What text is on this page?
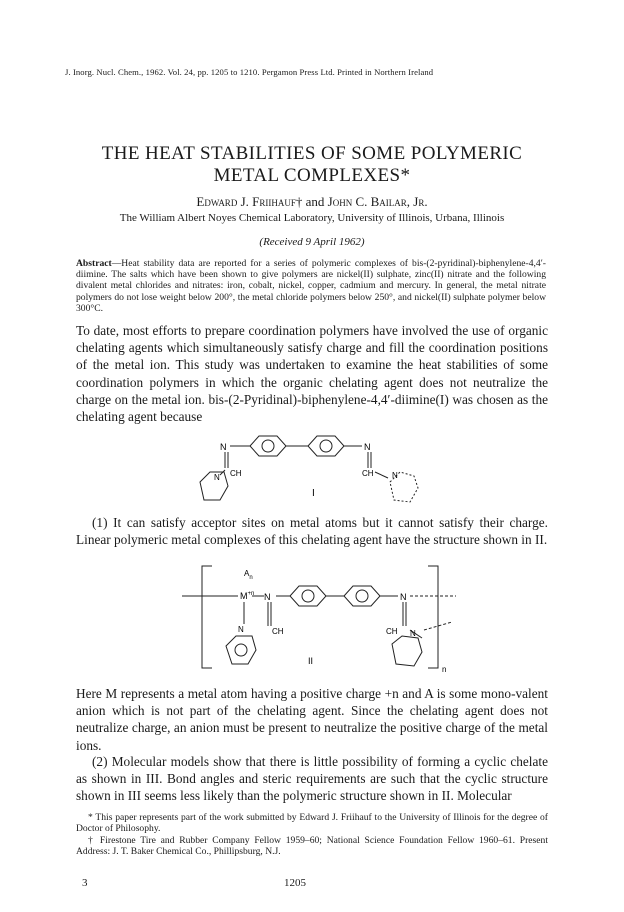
J. Inorg. Nucl. Chem., 1962. Vol. 24, pp. 1205 to 1210. Pergamon Press Ltd. Printed in Northern Ireland
THE HEAT STABILITIES OF SOME POLYMERIC
METAL COMPLEXES*
Edward J. Friihauf† and John C. Bailar, Jr.
The William Albert Noyes Chemical Laboratory, University of Illinois, Urbana, Illinois
(Received 9 April 1962)
Abstract—Heat stability data are reported for a series of polymeric complexes of bis-(2-pyridinal)-biphenylene-4,4′-diimine. The salts which have been shown to give polymers are nickel(II) sulphate, zinc(II) nitrate and the following divalent metal chlorides and nitrates: iron, cobalt, nickel, copper, cadmium and mercury. In general, the metal nitrate polymers do not lose weight below 200°, the metal chloride polymers below 250°, and nickel(II) sulphate polymer below 300°C.
To date, most efforts to prepare coordination polymers have involved the use of organic chelating agents which simultaneously satisfy charge and fill the coordination positions of the metal ion. This study was undertaken to examine the heat stabilities of some coordination polymers in which the organic chelating agent does not neutralize the charge on the metal ion. bis-(2-Pyridinal)-biphenylene-4,4′-diimine(I) was chosen as the chelating agent because
N	N
N	N
CH	CH
I
(1) It can satisfy acceptor sites on metal atoms but it cannot satisfy their charge. Linear polymeric metal complexes of this chelating agent have the structure shown in II.
$A_n$
$M^{+n}$ N	N
N	N
CH	CH
II
n
Here M represents a metal atom having a positive charge +n and A is some mono-valent anion which is not part of the chelating agent. Since the chelating agent does not neutralize charge, an anion must be present to neutralize the positive charge of the metal ions.
(2) Molecular models show that there is little possibility of forming a cyclic chelate as shown in III. Bond angles and steric requirements are such that the cyclic structure shown in III seems less likely than the polymeric structure shown in II. Molecular
* This paper represents part of the work submitted by Edward J. Friihauf to the University of Illinois for the degree of Doctor of Philosophy.
† Firestone Tire and Rubber Company Fellow 1959–60; National Science Foundation Fellow 1960–61. Present Address: J. T. Baker Chemical Co., Phillipsburg, N.J.
3	1205
